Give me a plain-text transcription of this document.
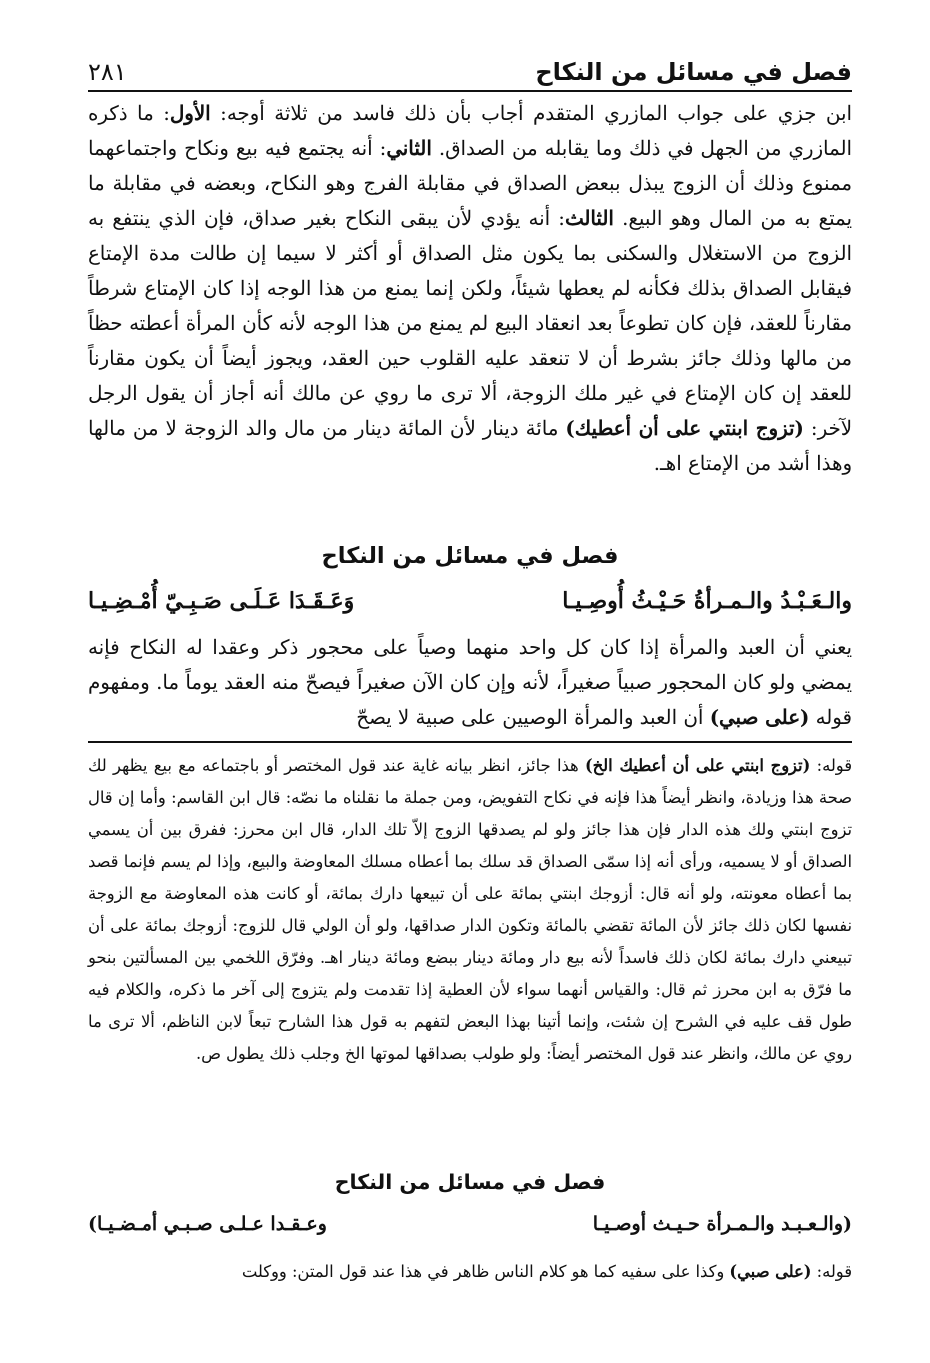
فصل في مسائل من النكاح
٢٨١

ابن جزي على جواب المازري المتقدم أجاب بأن ذلك فاسد من ثلاثة أوجه: الأول: ما ذكره المازري من الجهل في ذلك وما يقابله من الصداق. الثاني: أنه يجتمع فيه بيع ونكاح واجتماعهما ممنوع وذلك أن الزوج يبذل ببعض الصداق في مقابلة الفرج وهو النكاح، وبعضه في مقابلة ما يمتع به من المال وهو البيع. الثالث: أنه يؤدي لأن يبقى النكاح بغير صداق، فإن الذي ينتفع به الزوج من الاستغلال والسكنى بما يكون مثل الصداق أو أكثر لا سيما إن طالت مدة الإمتاع فيقابل الصداق بذلك فكأنه لم يعطها شيئاً، ولكن إنما يمنع من هذا الوجه إذا كان الإمتاع شرطاً مقارناً للعقد، فإن كان تطوعاً بعد انعقاد البيع لم يمنع من هذا الوجه لأنه كأن المرأة أعطته حظاً من مالها وذلك جائز بشرط أن لا تنعقد عليه القلوب حين العقد، ويجوز أيضاً أن يكون مقارناً للعقد إن كان الإمتاع في غير ملك الزوجة، ألا ترى ما روي عن مالك أنه أجاز أن يقول الرجل لآخر: (تزوج ابنتي على أن أعطيك) مائة دينار لأن المائة دينار من مال والد الزوجة لا من مالها وهذا أشد من الإمتاع اهـ.

فصل في مسائل من النكاح
والـعَـبْـدُ والـمـرأةُ حَـيْـثُ أُوصِـيـا
وَعَـقَـدَا عَـلَـى صَـبِـيّ أُمْـضِـيـا

يعني أن العبد والمرأة إذا كان كل واحد منهما وصياً على محجور ذكر وعقدا له النكاح فإنه يمضي ولو كان المحجور صبياً صغيراً، لأنه وإن كان الآن صغيراً فيصحّ منه العقد يوماً ما. ومفهوم قوله (على صبي) أن العبد والمرأة الوصيين على صبية لا يصحّ

قوله: (تزوج ابنتي على أن أعطيك الخ) هذا جائز، انظر بيانه غاية عند قول المختصر أو باجتماعه مع بيع يظهر لك صحة هذا وزيادة، وانظر أيضاً هذا فإنه في نكاح التفويض، ومن جملة ما نقلناه ما نصّه: قال ابن القاسم: وأما إن قال تزوج ابنتي ولك هذه الدار فإن هذا جائز ولو لم يصدقها الزوج إلاّ تلك الدار، قال ابن محرز: ففرق بين أن يسمي الصداق أو لا يسميه، ورأى أنه إذا سمّى الصداق قد سلك بما أعطاه مسلك المعاوضة والبيع، وإذا لم يسم فإنما قصد بما أعطاه معونته، ولو أنه قال: أزوجك ابنتي بمائة على أن تبيعها دارك بمائة، أو كانت هذه المعاوضة مع الزوجة نفسها لكان ذلك جائز لأن المائة تقضي بالمائة وتكون الدار صداقها، ولو أن الولي قال للزوج: أزوجك بمائة على أن تبيعني دارك بمائة لكان ذلك فاسداً لأنه بيع دار ومائة دينار ببضع ومائة دينار اهـ. وفرّق اللخمي بين المسألتين بنحو ما فرّق به ابن محرز ثم قال: والقياس أنهما سواء لأن العطية إذا تقدمت ولم يتزوج إلى آخر ما ذكره، والكلام فيه طول قف عليه في الشرح إن شئت، وإنما أتينا بهذا البعض لتفهم به قول هذا الشارح تبعاً لابن الناظم، ألا ترى ما روي عن مالك، وانظر عند قول المختصر أيضاً: ولو طولب بصداقها لموتها الخ وجلب ذلك يطول ص.

فصل في مسائل من النكاح
(والـعـبـد والـمـرأة حـيـث أوصـيـا
وعـقـدا عـلـى صـبـي أمـضـيـا)

قوله: (على صبي) وكذا على سفيه كما هو كلام الناس ظاهر في هذا عند قول المتن: ووكلت
